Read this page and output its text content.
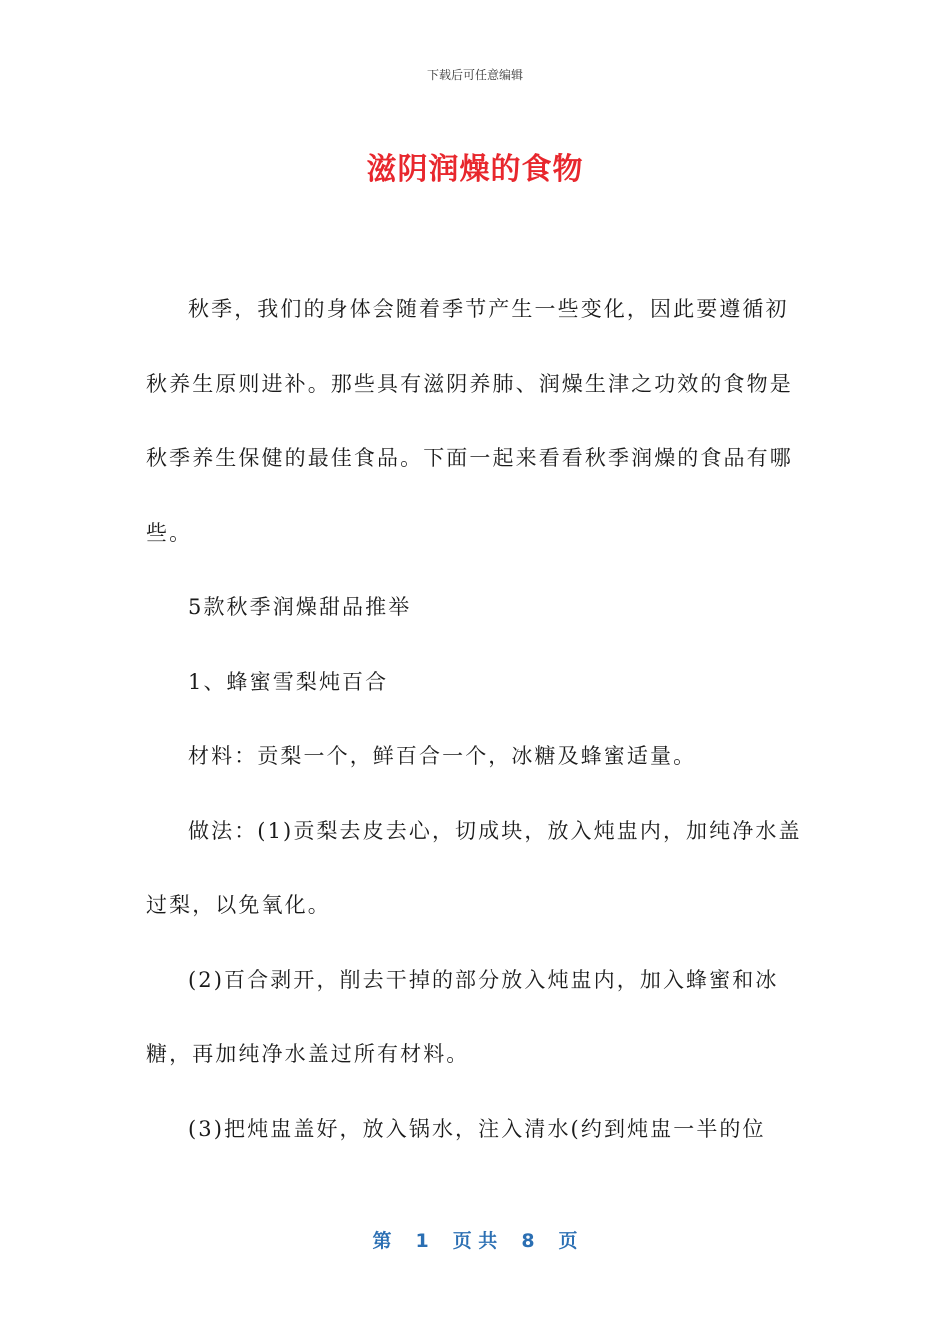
下载后可任意编辑
滋阴润燥的食物

秋季，我们的身体会随着季节产生一些变化，因此要遵循初秋养生原则进补。那些具有滋阴养肺、润燥生津之功效的食物是秋季养生保健的最佳食品。下面一起来看看秋季润燥的食品有哪些。

5款秋季润燥甜品推举

1、蜂蜜雪梨炖百合

材料：贡梨一个，鲜百合一个，冰糖及蜂蜜适量。

做法：(1)贡梨去皮去心，切成块，放入炖盅内，加纯净水盖过梨，以免氧化。

(2)百合剥开，削去干掉的部分放入炖盅内，加入蜂蜜和冰糖，再加纯净水盖过所有材料。

(3)把炖盅盖好，放入锅水，注入清水(约到炖盅一半的位

第 1 页 共 8 页
